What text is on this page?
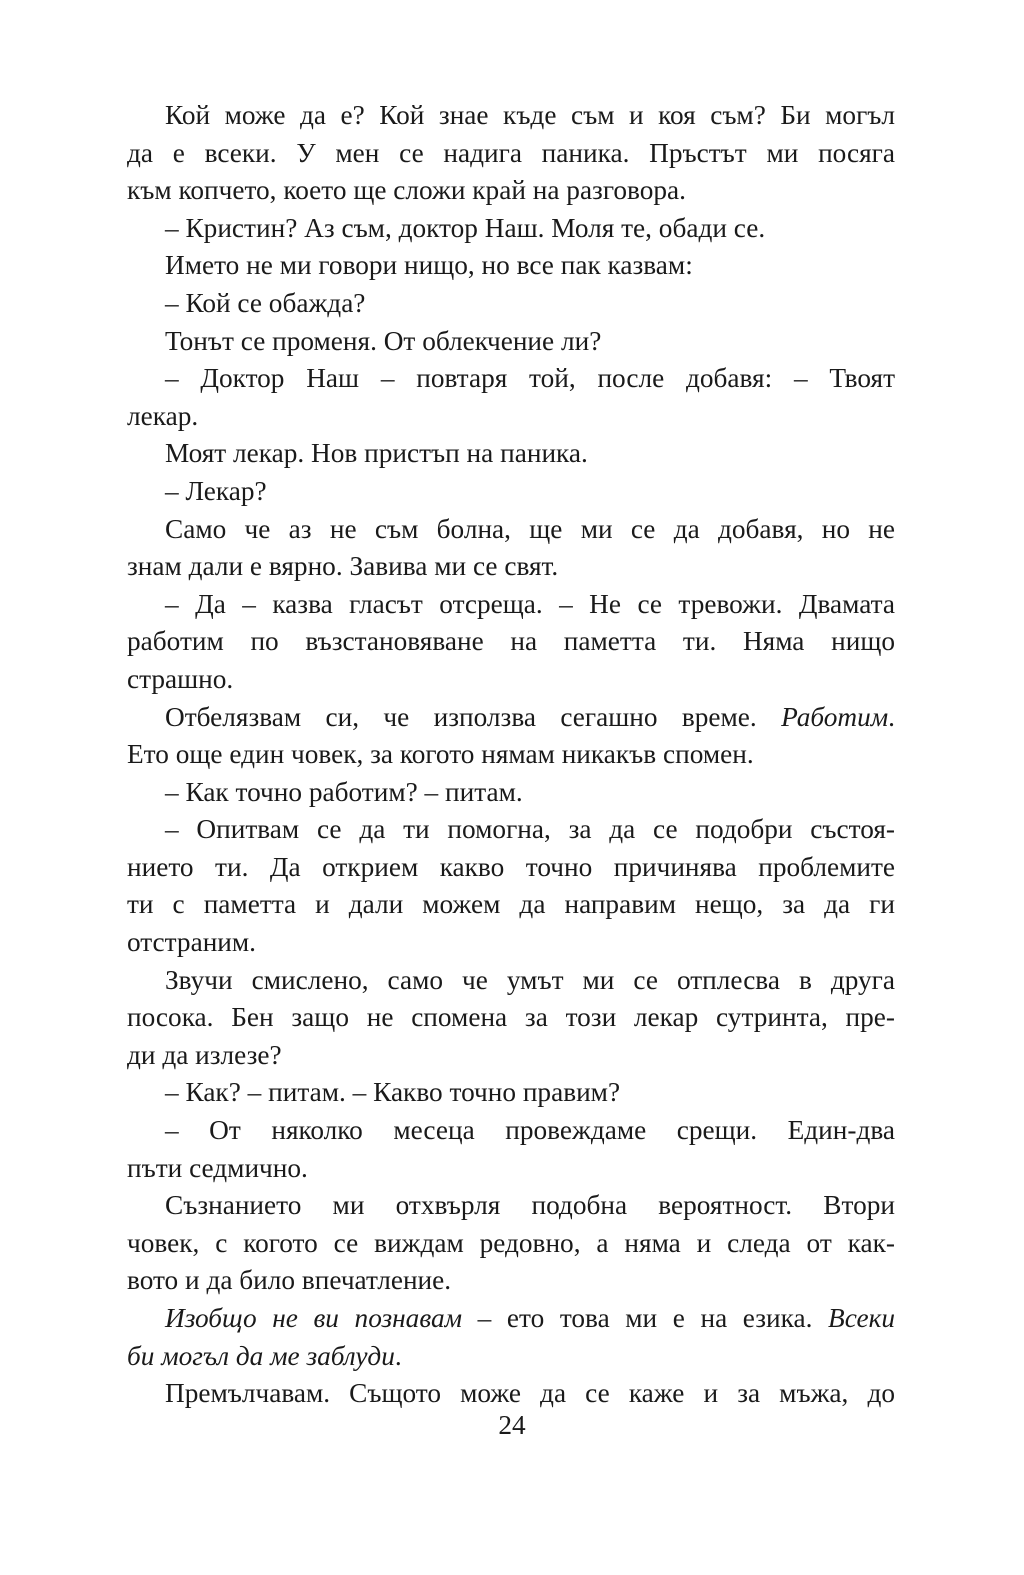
Кой може да е? Кой знае къде съм и коя съм? Би могъл
да е всеки. У мен се надига паника. Пръстът ми посяга
към копчето, което ще сложи край на разговора.
– Кристин? Аз съм, доктор Наш. Моля те, обади се.
Името не ми говори нищо, но все пак казвам:
– Кой се обажда?
Тонът се променя. От облекчение ли?
– Доктор Наш – повтаря той, после добавя: – Твоят
лекар.
Моят лекар. Нов пристъп на паника.
– Лекар?
Само че аз не съм болна, ще ми се да добавя, но не
знам дали е вярно. Завива ми се свят.
– Да – казва гласът отсреща. – Не се тревожи. Двамата
работим по възстановяване на паметта ти. Няма нищо
страшно.
Отбелязвам си, че използва сегашно време. Работим.
Ето още един човек, за когото нямам никакъв спомен.
– Как точно работим? – питам.
– Опитвам се да ти помогна, за да се подобри състоя-
нието ти. Да открием какво точно причинява проблемите
ти с паметта и дали можем да направим нещо, за да ги
отстраним.
Звучи смислено, само че умът ми се отплесва в друга
посока. Бен защо не спомена за този лекар сутринта, пре-
ди да излезе?
– Как? – питам. – Какво точно правим?
– От няколко месеца провеждаме срещи. Един-два
пъти седмично.
Съзнанието ми отхвърля подобна вероятност. Втори
човек, с когото се виждам редовно, а няма и следа от как-
вото и да било впечатление.
Изобщо не ви познавам – ето това ми е на езика. Всеки
би могъл да ме заблуди.
Премълчавам. Същото може да се каже и за мъжа, до
24
